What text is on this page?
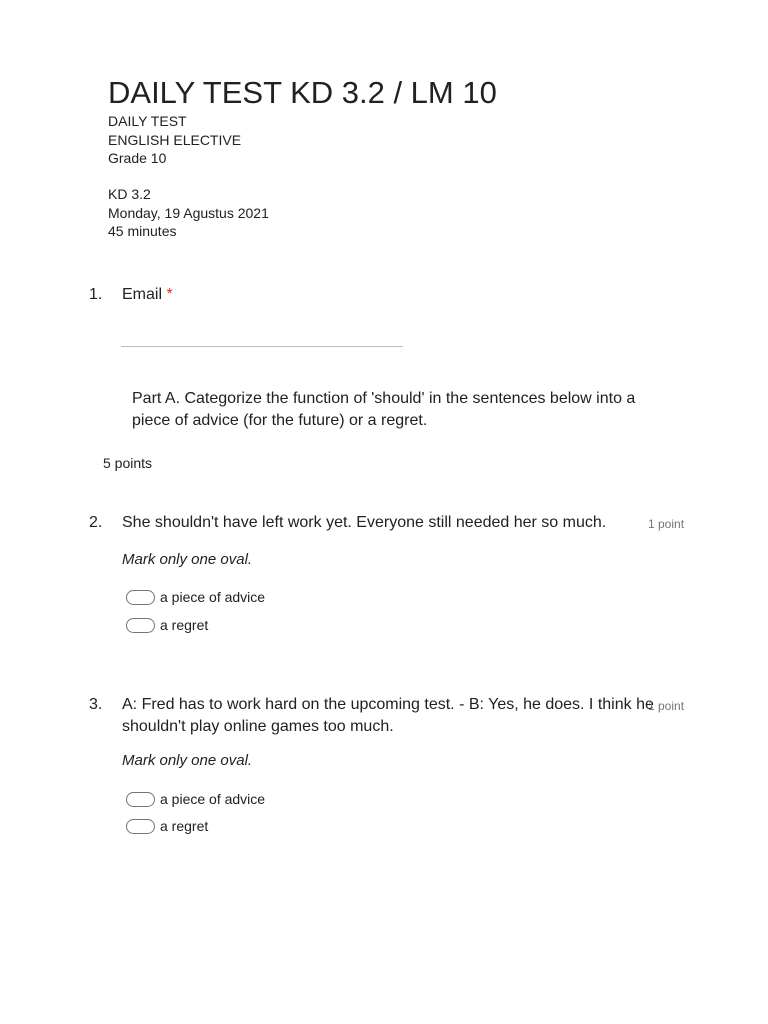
DAILY TEST KD 3.2 / LM 10
DAILY TEST
ENGLISH ELECTIVE
Grade 10
KD 3.2
Monday, 19 Agustus 2021
45 minutes
1. Email *
Part A. Categorize the function of 'should' in the sentences below into a piece of advice (for the future) or a regret.
5 points
2. She shouldn't have left work yet. Everyone still needed her so much.	1 point
Mark only one oval.
a piece of advice
a regret
3. A: Fred has to work hard on the upcoming test. - B: Yes, he does. I think he
shouldn't play online games too much.
1 point
Mark only one oval.
a piece of advice
a regret
